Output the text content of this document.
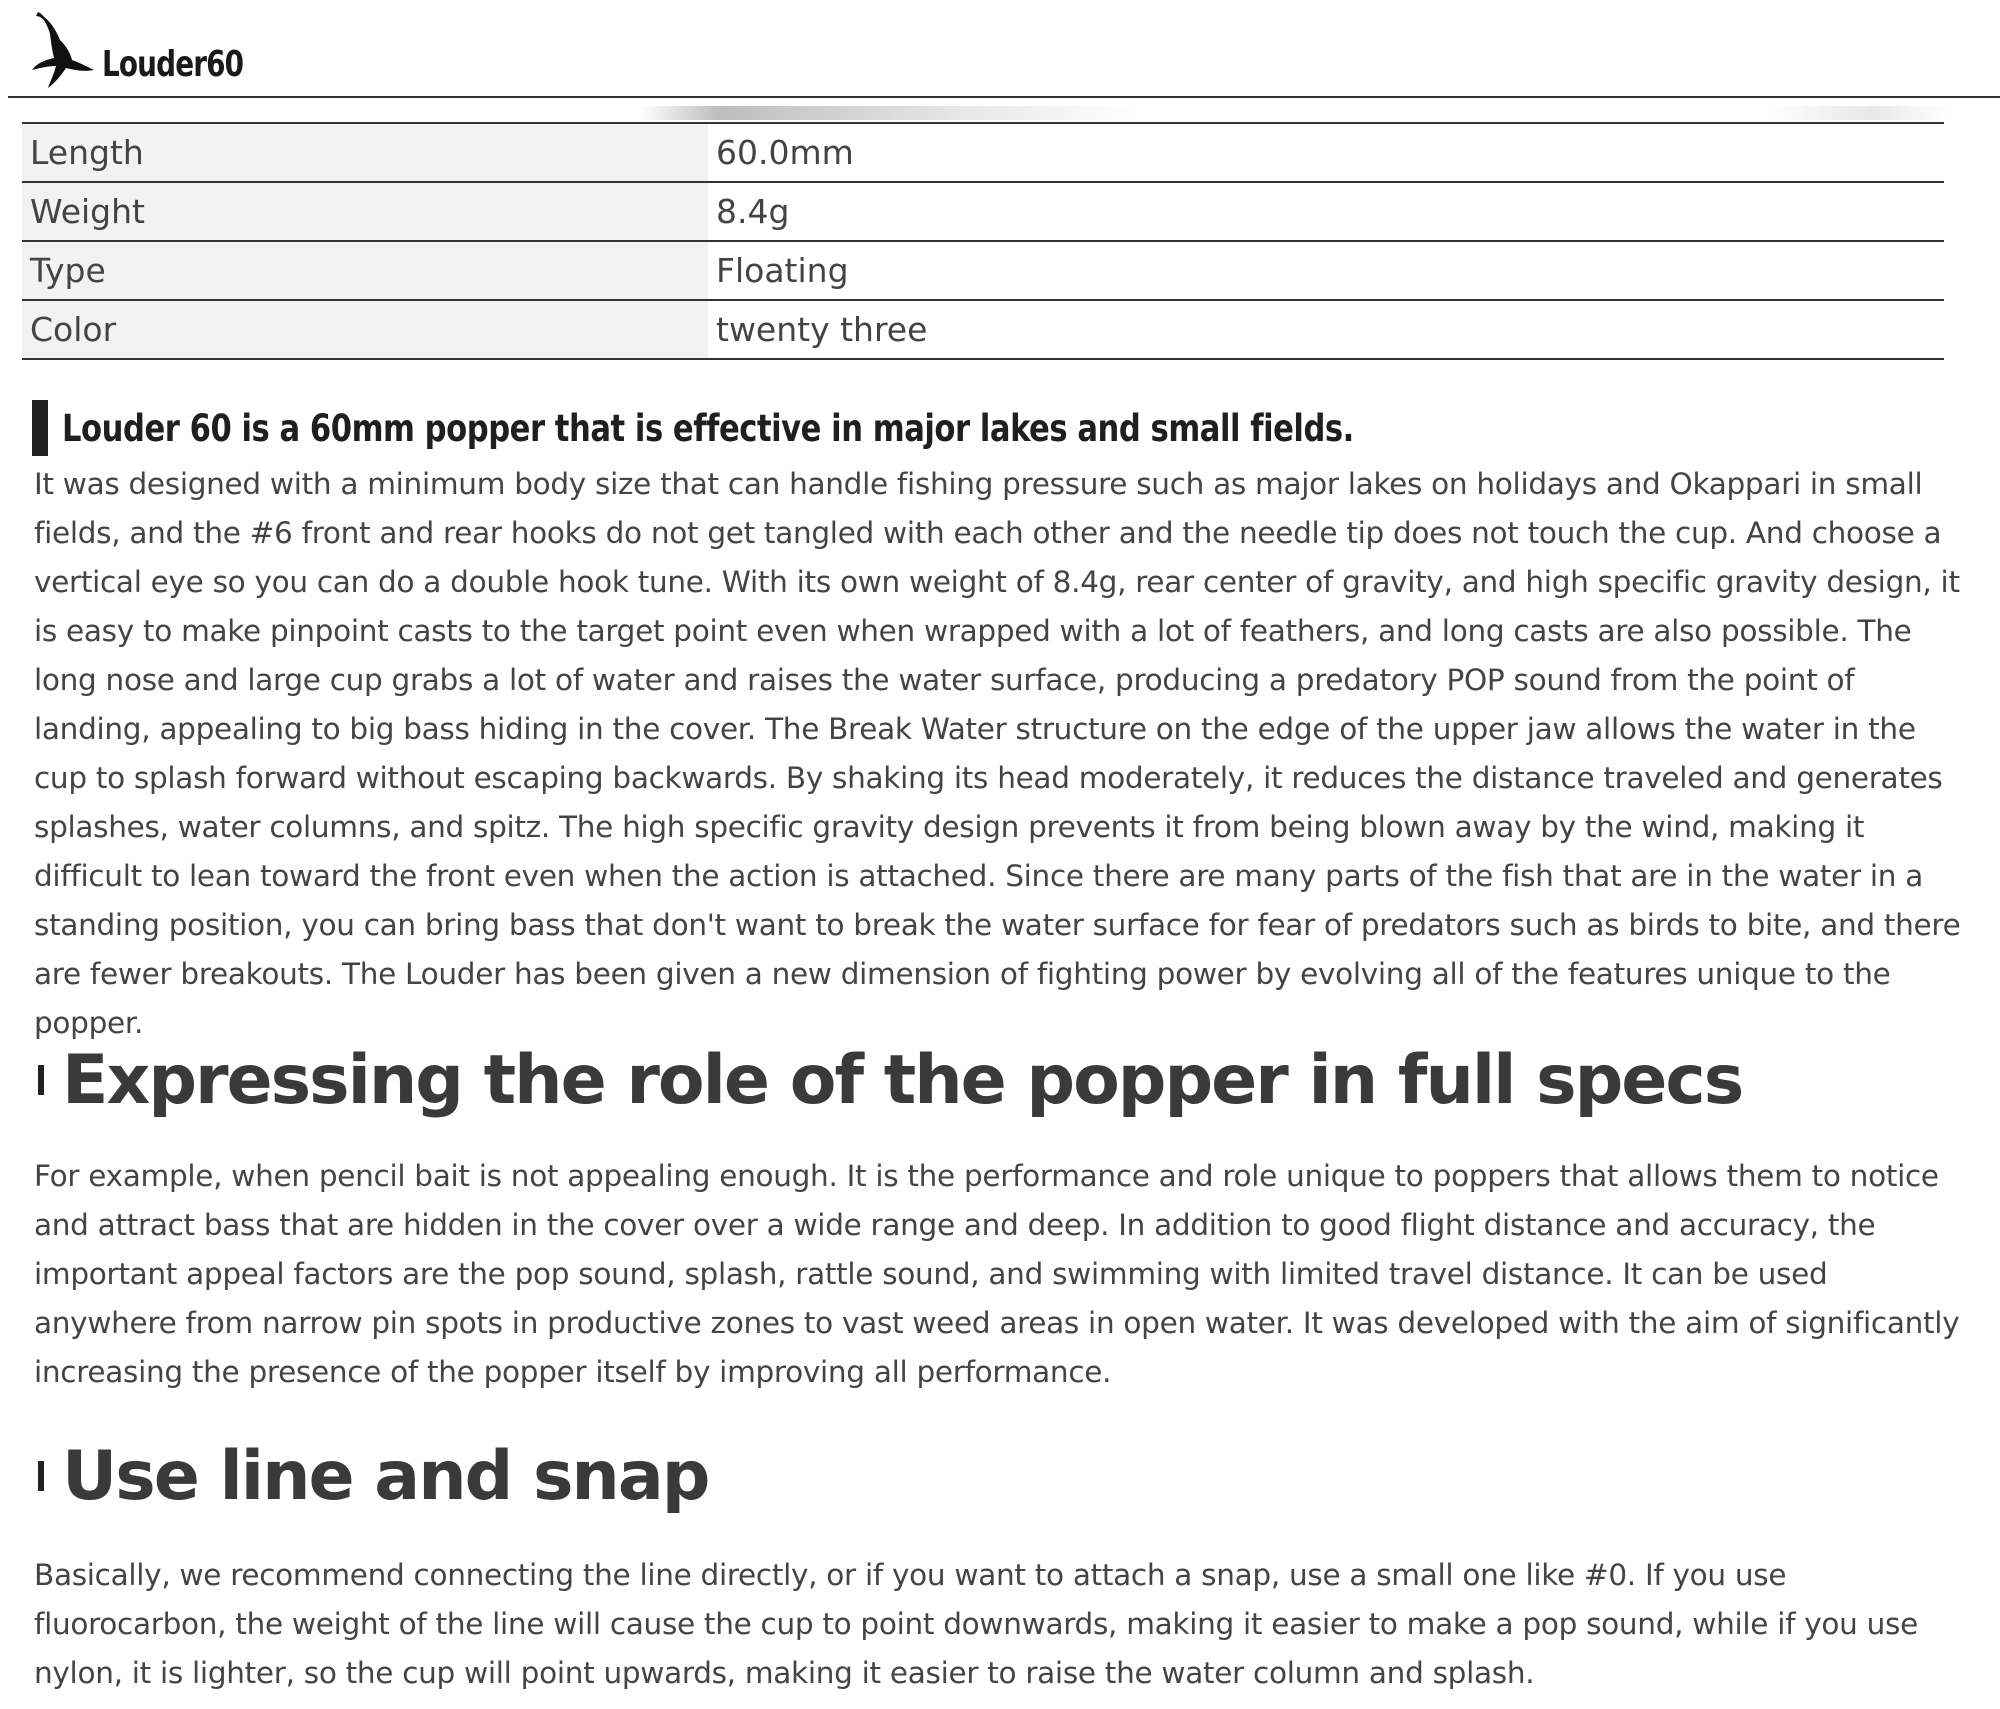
Louder60
Length	60.0mm
Weight	8.4g
Type	Floating
Color	twenty three
Louder 60 is a 60mm popper that is effective in major lakes and small fields.

It was designed with a minimum body size that can handle fishing pressure such as major lakes on holidays and Okappari in small fields, and the #6 front and rear hooks do not get tangled with each other and the needle tip does not touch the cup. And choose a vertical eye so you can do a double hook tune. With its own weight of 8.4g, rear center of gravity, and high specific gravity design, it is easy to make pinpoint casts to the target point even when wrapped with a lot of feathers, and long casts are also possible. The long nose and large cup grabs a lot of water and raises the water surface, producing a predatory POP sound from the point of landing, appealing to big bass hiding in the cover. The Break Water structure on the edge of the upper jaw allows the water in the cup to splash forward without escaping backwards. By shaking its head moderately, it reduces the distance traveled and generates splashes, water columns, and spitz. The high specific gravity design prevents it from being blown away by the wind, making it difficult to lean toward the front even when the action is attached. Since there are many parts of the fish that are in the water in a standing position, you can bring bass that don't want to break the water surface for fear of predators such as birds to bite, and there are fewer breakouts. The Louder has been given a new dimension of fighting power by evolving all of the features unique to the popper.

Expressing the role of the popper in full specs

For example, when pencil bait is not appealing enough. It is the performance and role unique to poppers that allows them to notice and attract bass that are hidden in the cover over a wide range and deep. In addition to good flight distance and accuracy, the important appeal factors are the pop sound, splash, rattle sound, and swimming with limited travel distance. It can be used anywhere from narrow pin spots in productive zones to vast weed areas in open water. It was developed with the aim of significantly increasing the presence of the popper itself by improving all performance.

Use line and snap

Basically, we recommend connecting the line directly, or if you want to attach a snap, use a small one like #0. If you use fluorocarbon, the weight of the line will cause the cup to point downwards, making it easier to make a pop sound, while if you use nylon, it is lighter, so the cup will point upwards, making it easier to raise the water column and splash.
